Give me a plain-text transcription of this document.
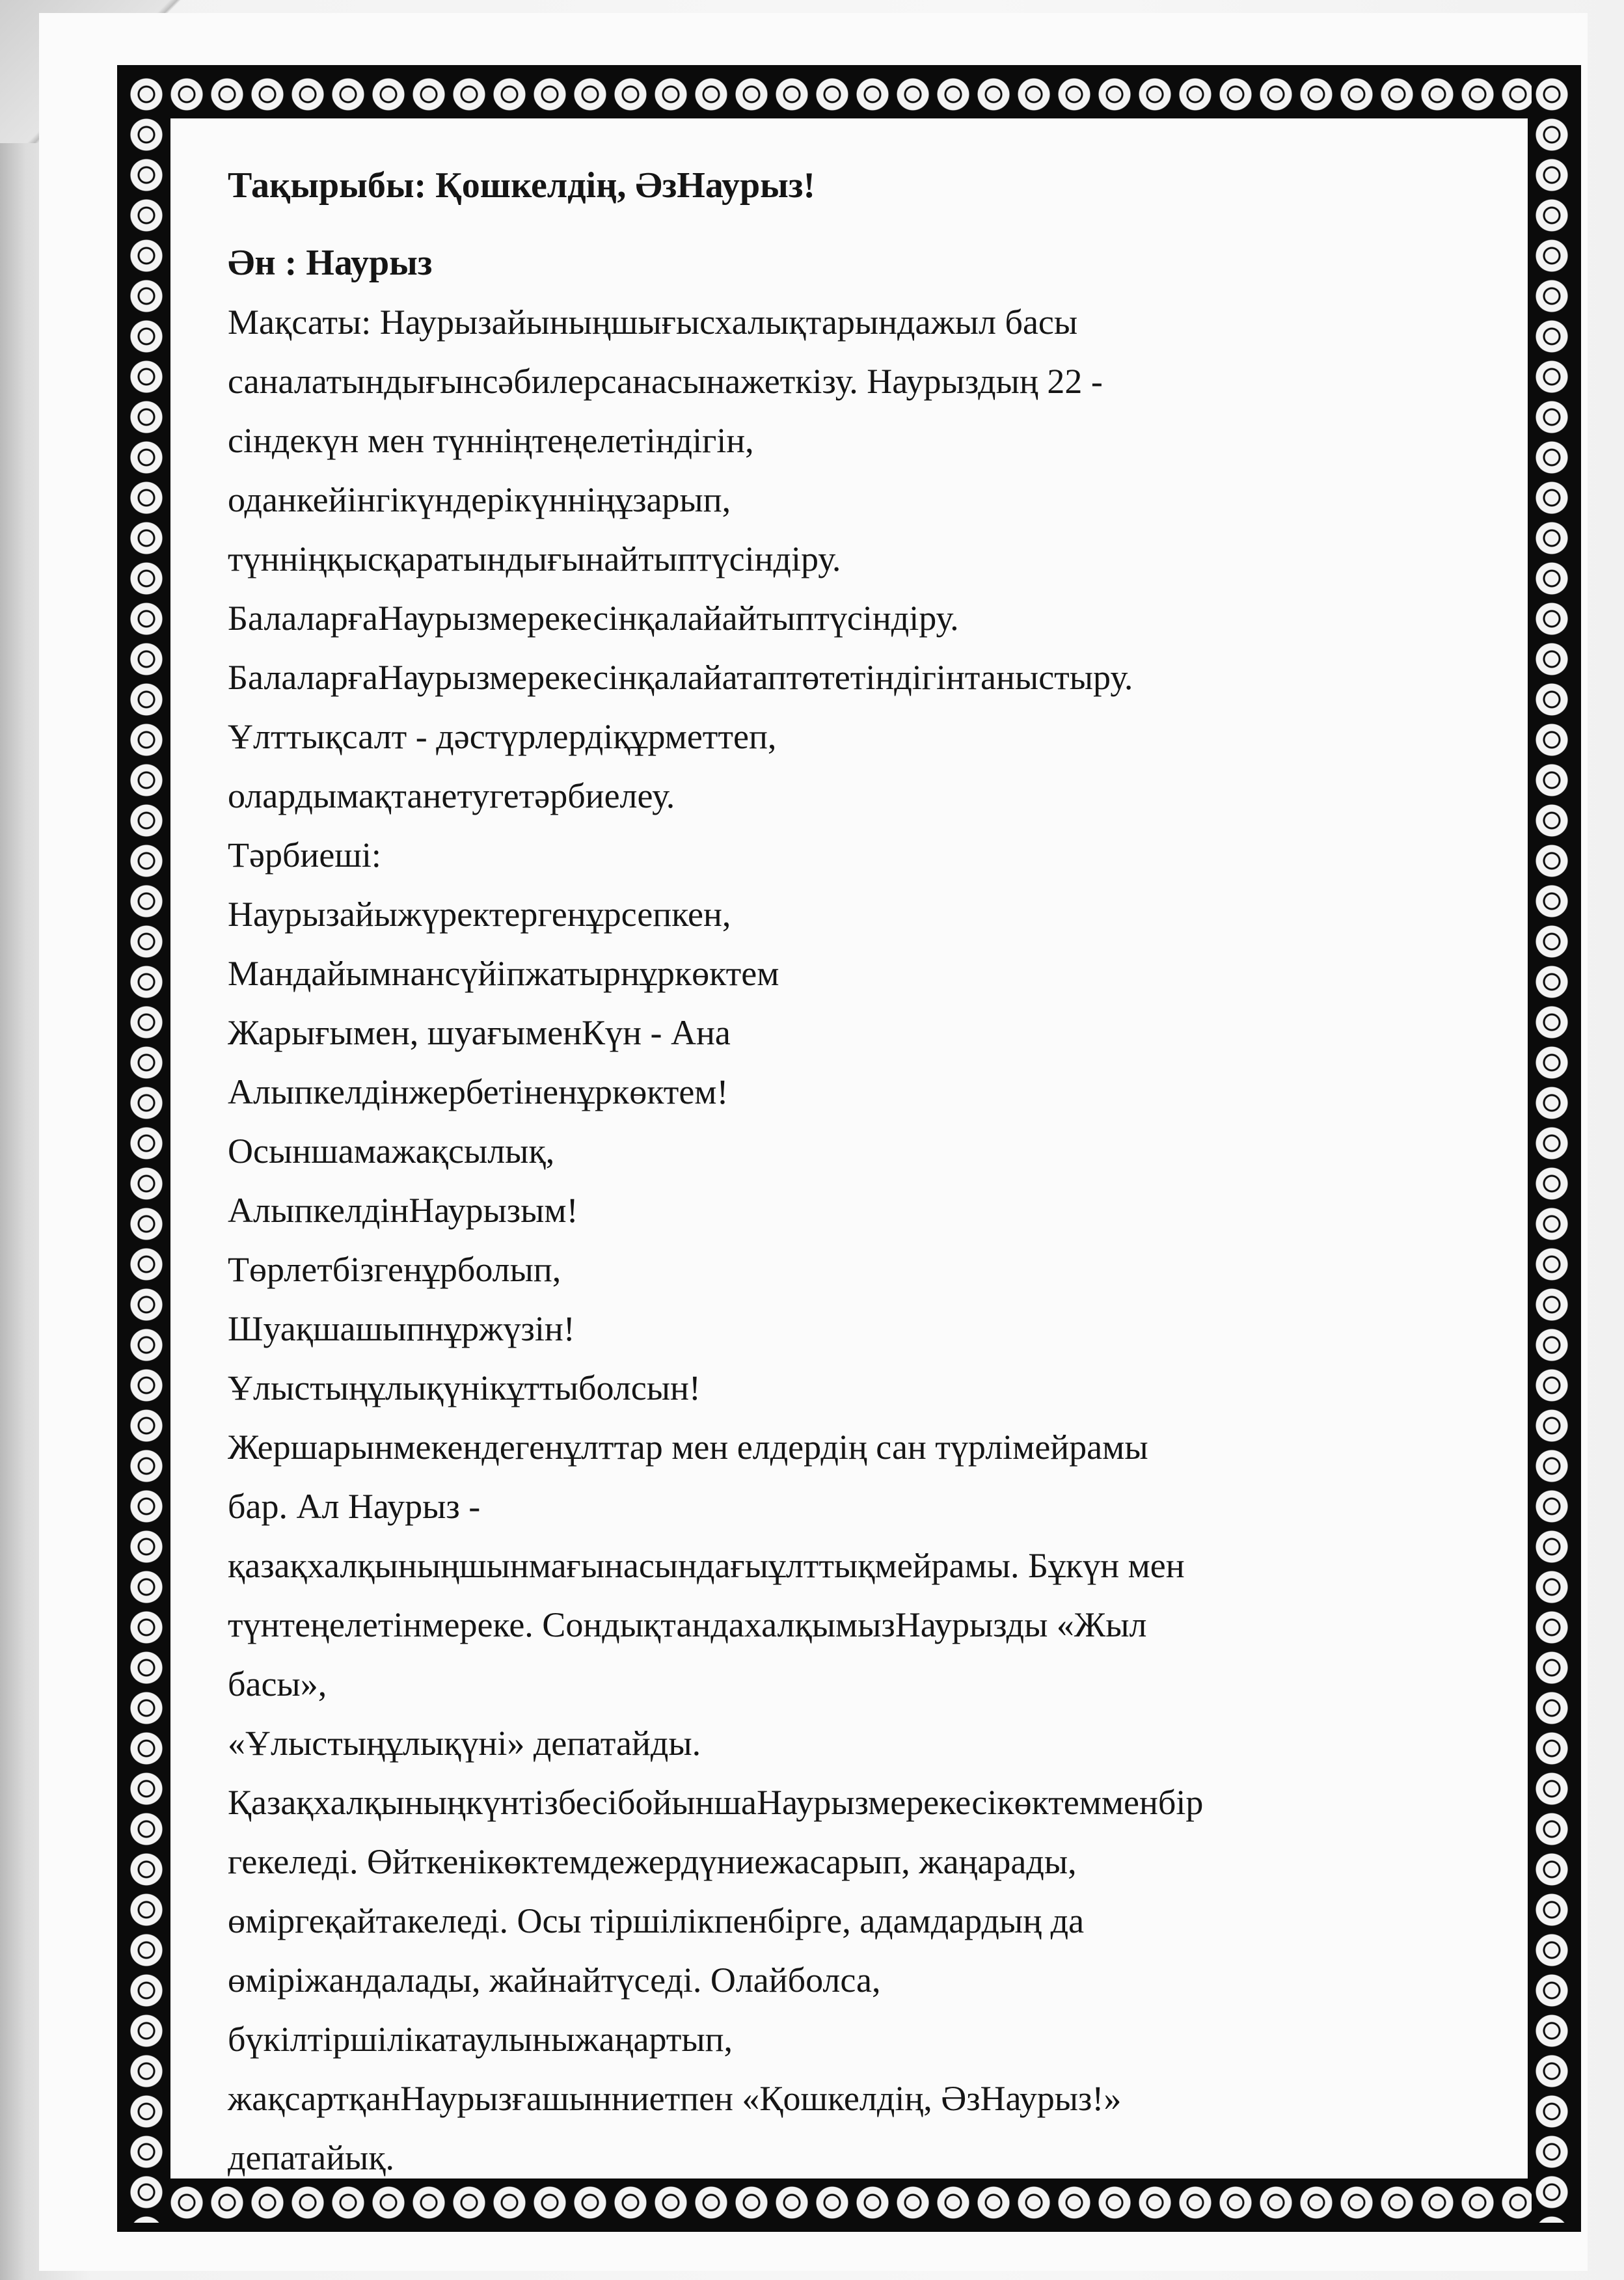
Тақырыбы: Қошкелдің, ӘзНаурыз!

Ән : Наурыз

Мақсаты: Наурызайыныңшығысхалықтарындажыл басы

саналатындығынсәбилерсанасынажеткізу. Наурыздың 22 -

сіндекүн мен түнніңтеңелетіндігін,

оданкейінгікүндерікүнніңұзарып,

түнніңқысқаратындығынайтыптүсіндіру.

БалаларғаНаурызмерекесінқалайайтыптүсіндіру.

БалаларғаНаурызмерекесінқалайатаптөтетіндігінтаныстыру.

Ұлттықсалт - дәстүрлердіқұрметтеп,

олардымақтанетугетәрбиелеу.

Тәрбиеші:

Наурызайыжүректергенұрсепкен,

Мандайымнансүйіпжатырнұркөктем

Жарығымен, шуағыменКүн - Ана

Алыпкелдінжербетіненұркөктем!

Осыншамажақсылық,

АлыпкелдінНаурызым!

Төрлетбізгенұрболып,

Шуақшашыпнұржүзін!

Ұлыстыңұлықүнікұттыболсын!

Жершарынмекендегенұлттар мен елдердің сан түрлімейрамы

бар. Ал Наурыз -

қазақхалқыныңшынмағынасындағыұлттықмейрамы. Бұкүн мен

түнтеңелетінмереке. СондықтандахалқымызНаурызды «Жыл

басы»,

«Ұлыстыңұлықүні» депатайды.

ҚазақхалқыныңкүнтізбесібойыншаНаурызмерекесікөктемменбір

гекеледі. Өйткенікөктемдежердүниежасарып, жаңарады,

өміргеқайтакеледі. Осы тіршілікпенбірге, адамдардың да

өміріжандалады, жайнайтүседі. Олайболса,

бүкілтіршілікатаулыныжаңартып,

жақсартқанНаурызғашынниетпен «Қошкелдің, ӘзНаурыз!»

депатайық.
